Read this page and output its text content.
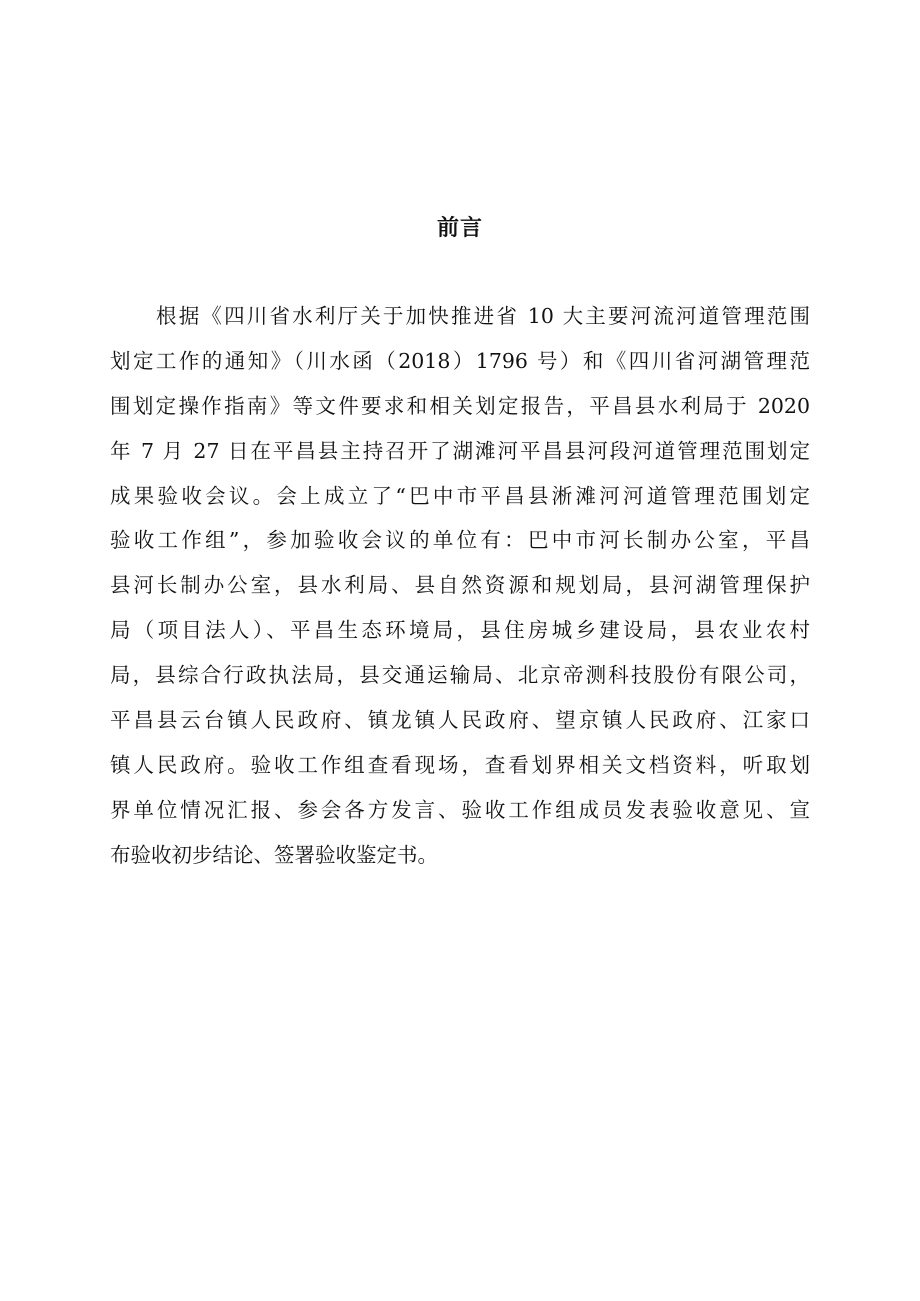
前言
根据《四川省水利厅关于加快推进省 10 大主要河流河道管理范围
划定工作的通知》（川水函（2018）1796 号）和《四川省河湖管理范
围划定操作指南》等文件要求和相关划定报告，平昌县水利局于 2020
年 7 月 27 日在平昌县主持召开了湖滩河平昌县河段河道管理范围划定
成果验收会议。会上成立了“巴中市平昌县淅滩河河道管理范围划定
验收工作组”，参加验收会议的单位有：巴中市河长制办公室，平昌
县河长制办公室，县水利局、县自然资源和规划局，县河湖管理保护
局（项目法人）、平昌生态环境局，县住房城乡建设局，县农业农村
局，县综合行政执法局，县交通运输局、北京帝测科技股份有限公司，
平昌县云台镇人民政府、镇龙镇人民政府、望京镇人民政府、江家口
镇人民政府。验收工作组查看现场，查看划界相关文档资料，听取划
界单位情况汇报、参会各方发言、验收工作组成员发表验收意见、宣
布验收初步结论、签署验收鉴定书。
